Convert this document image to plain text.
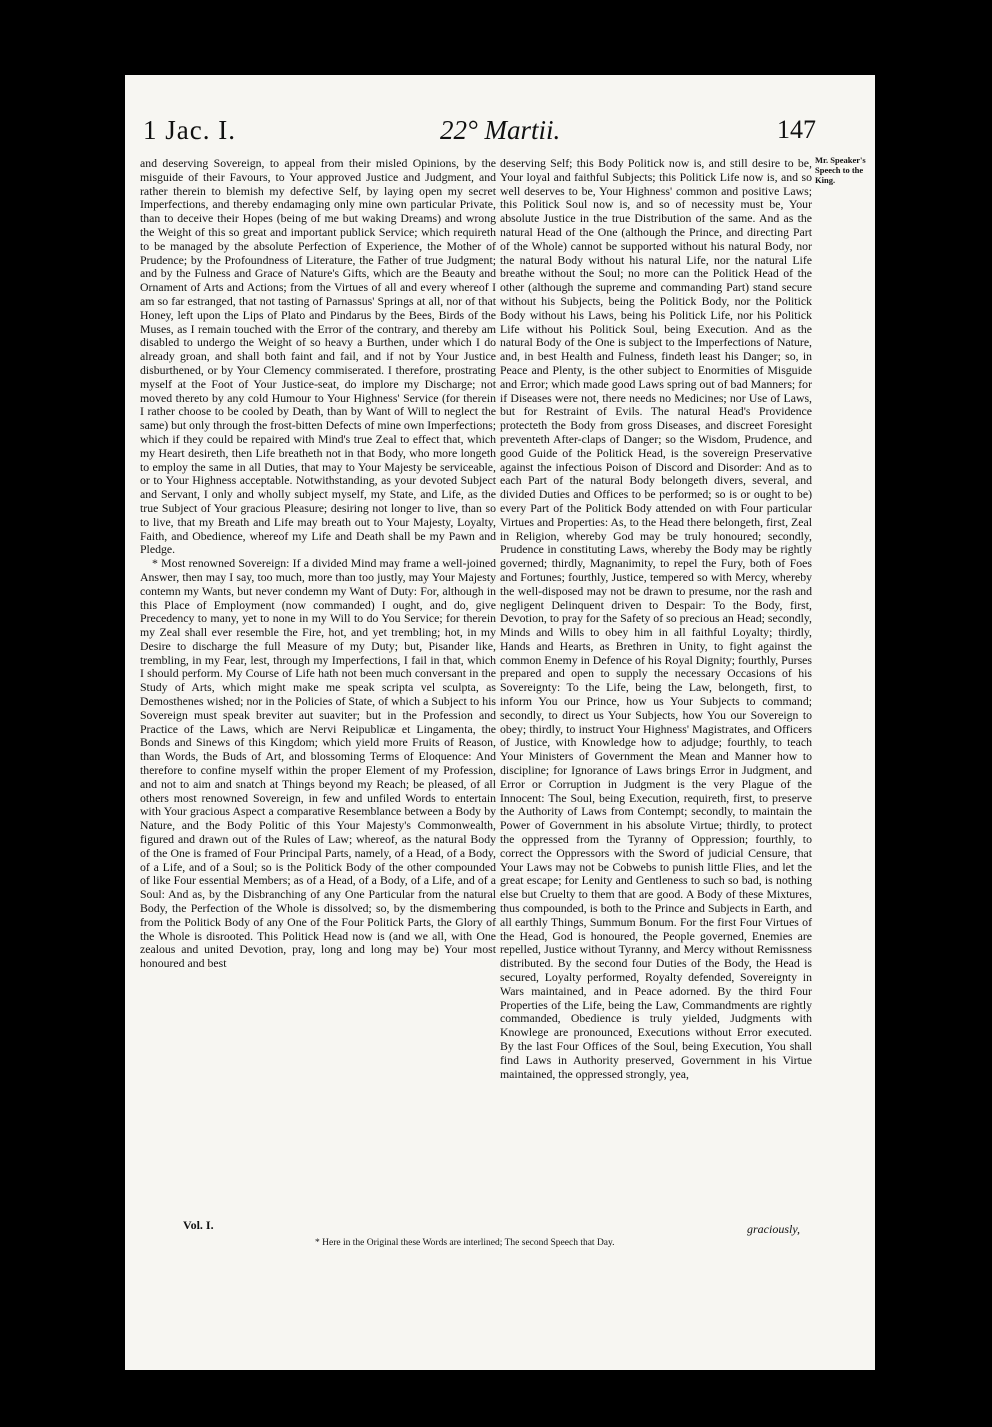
1 Jac. I.	22° Martii.	147

and deserving Sovereign, to appeal from their misled Opinions, by the misguide of their Favours, to Your approved Justice and Judgment, and rather therein to blemish my defective Self, by laying open my secret Imperfections, and thereby endamaging only mine own particular Private, than to deceive their Hopes (being of me but waking Dreams) and wrong the Weight of this so great and important publick Service; which requireth to be managed by the absolute Perfection of Experience, the Mother of Prudence; by the Profoundness of Literature, the Father of true Judgment; and by the Fulness and Grace of Nature's Gifts, which are the Beauty and Ornament of Arts and Actions; from the Virtues of all and every whereof I am so far estranged, that not tasting of Parnassus' Springs at all, nor of that Honey, left upon the Lips of Plato and Pindarus by the Bees, Birds of the Muses, as I remain touched with the Error of the contrary, and thereby am disabled to undergo the Weight of so heavy a Burthen, under which I do already groan, and shall both faint and fail, and if not by Your Justice disburthened, or by Your Clemency commiserated. I therefore, prostrating myself at the Foot of Your Justice-seat, do implore my Discharge; not moved thereto by any cold Humour to Your Highness' Service (for therein I rather choose to be cooled by Death, than by Want of Will to neglect the same) but only through the frost-bitten Defects of mine own Imperfections; which if they could be repaired with Mind's true Zeal to effect that, which my Heart desireth, then Life breatheth not in that Body, who more longeth to employ the same in all Duties, that may to Your Majesty be serviceable, or to Your Highness acceptable. Notwithstanding, as your devoted Subject and Servant, I only and wholly subject myself, my State, and Life, as the true Subject of Your gracious Pleasure; desiring not longer to live, than so to live, that my Breath and Life may breath out to Your Majesty, Loyalty, Faith, and Obedience, whereof my Life and Death shall be my Pawn and Pledge.

* Most renowned Sovereign: If a divided Mind may frame a well-joined Answer, then may I say, too much, more than too justly, may Your Majesty contemn my Wants, but never condemn my Want of Duty: For, although in this Place of Employment (now commanded) I ought, and do, give Precedency to many, yet to none in my Will to do You Service; for therein my Zeal shall ever resemble the Fire, hot, and yet trembling; hot, in my Desire to discharge the full Measure of my Duty; but, Pisander like, trembling, in my Fear, lest, through my Imperfections, I fail in that, which I should perform. My Course of Life hath not been much conversant in the Study of Arts, which might make me speak scripta vel sculpta, as Demosthenes wished; nor in the Policies of State, of which a Subject to his Sovereign must speak breviter aut suaviter; but in the Profession and Practice of the Laws, which are Nervi Reipublicæ et Lingamenta, the Bonds and Sinews of this Kingdom; which yield more Fruits of Reason, than Words, the Buds of Art, and blossoming Terms of Eloquence: And therefore to confine myself within the proper Element of my Profession, and not to aim and snatch at Things beyond my Reach; be pleased, of all others most renowned Sovereign, in few and unfiled Words to entertain with Your gracious Aspect a comparative Resemblance between a Body by Nature, and the Body Politic of this Your Majesty's Commonwealth, figured and drawn out of the Rules of Law; whereof, as the natural Body of the One is framed of Four Principal Parts, namely, of a Head, of a Body, of a Life, and of a Soul; so is the Politick Body of the other compounded of like Four essential Members; as of a Head, of a Body, of a Life, and of a Soul: And as, by the Disbranching of any One Particular from the natural Body, the Perfection of the Whole is dissolved; so, by the dismembering from the Politick Body of any One of the Four Politick Parts, the Glory of the Whole is disrooted. This Politick Head now is (and we all, with One zealous and united Devotion, pray, long and long may be) Your most honoured and best

deserving Self; this Body Politick now is, and still desire to be, Your loyal and faithful Subjects; this Politick Life now is, and so well deserves to be, Your Highness' common and positive Laws; this Politick Soul now is, and so of necessity must be, Your absolute Justice in the true Distribution of the same. And as the natural Head of the One (although the Prince, and directing Part of the Whole) cannot be supported without his natural Body, nor the natural Body without his natural Life, nor the natural Life breathe without the Soul; no more can the Politick Head of the other (although the supreme and commanding Part) stand secure without his Subjects, being the Politick Body, nor the Politick Body without his Laws, being his Politick Life, nor his Politick Life without his Politick Soul, being Execution. And as the natural Body of the One is subject to the Imperfections of Nature, and, in best Health and Fulness, findeth least his Danger; so, in Peace and Plenty, is the other subject to Enormities of Misguide and Error; which made good Laws spring out of bad Manners; for if Diseases were not, there needs no Medicines; nor Use of Laws, but for Restraint of Evils. The natural Head's Providence protecteth the Body from gross Diseases, and discreet Foresight preventeth After-claps of Danger; so the Wisdom, Prudence, and good Guide of the Politick Head, is the sovereign Preservative against the infectious Poison of Discord and Disorder: And as to each Part of the natural Body belongeth divers, several, and divided Duties and Offices to be performed; so is or ought to be) every Part of the Politick Body attended on with Four particular Virtues and Properties: As, to the Head there belongeth, first, Zeal in Religion, whereby God may be truly honoured; secondly, Prudence in constituting Laws, whereby the Body may be rightly governed; thirdly, Magnanimity, to repel the Fury, both of Foes and Fortunes; fourthly, Justice, tempered so with Mercy, whereby the well-disposed may not be drawn to presume, nor the rash and negligent Delinquent driven to Despair: To the Body, first, Devotion, to pray for the Safety of so precious an Head; secondly, Minds and Wills to obey him in all faithful Loyalty; thirdly, Hands and Hearts, as Brethren in Unity, to fight against the common Enemy in Defence of his Royal Dignity; fourthly, Purses prepared and open to supply the necessary Occasions of his Sovereignty: To the Life, being the Law, belongeth, first, to inform You our Prince, how us Your Subjects to command; secondly, to direct us Your Subjects, how You our Sovereign to obey; thirdly, to instruct Your Highness' Magistrates, and Officers of Justice, with Knowledge how to adjudge; fourthly, to teach Your Ministers of Government the Mean and Manner how to discipline; for Ignorance of Laws brings Error in Judgment, and Error or Corruption in Judgment is the very Plague of the Innocent: The Soul, being Execution, requireth, first, to preserve the Authority of Laws from Contempt; secondly, to maintain the Power of Government in his absolute Virtue; thirdly, to protect the oppressed from the Tyranny of Oppression; fourthly, to correct the Oppressors with the Sword of judicial Censure, that Your Laws may not be Cobwebs to punish little Flies, and let the great escape; for Lenity and Gentleness to such so bad, is nothing else but Cruelty to them that are good. A Body of these Mixtures, thus compounded, is both to the Prince and Subjects in Earth, and all earthly Things, Summum Bonum. For the first Four Virtues of the Head, God is honoured, the People governed, Enemies are repelled, Justice without Tyranny, and Mercy without Remissness distributed. By the second four Duties of the Body, the Head is secured, Loyalty performed, Royalty defended, Sovereignty in Wars maintained, and in Peace adorned. By the third Four Properties of the Life, being the Law, Commandments are rightly commanded, Obedience is truly yielded, Judgments with Knowlege are pronounced, Executions without Error executed. By the last Four Offices of the Soul, being Execution, You shall find Laws in Authority preserved, Government in his Virtue maintained, the oppressed strongly, yea,

Mr. Speaker's Speech to the King.
Vol. I.	graciously,
* Here in the Original these Words are interlined; The second Speech that Day.
